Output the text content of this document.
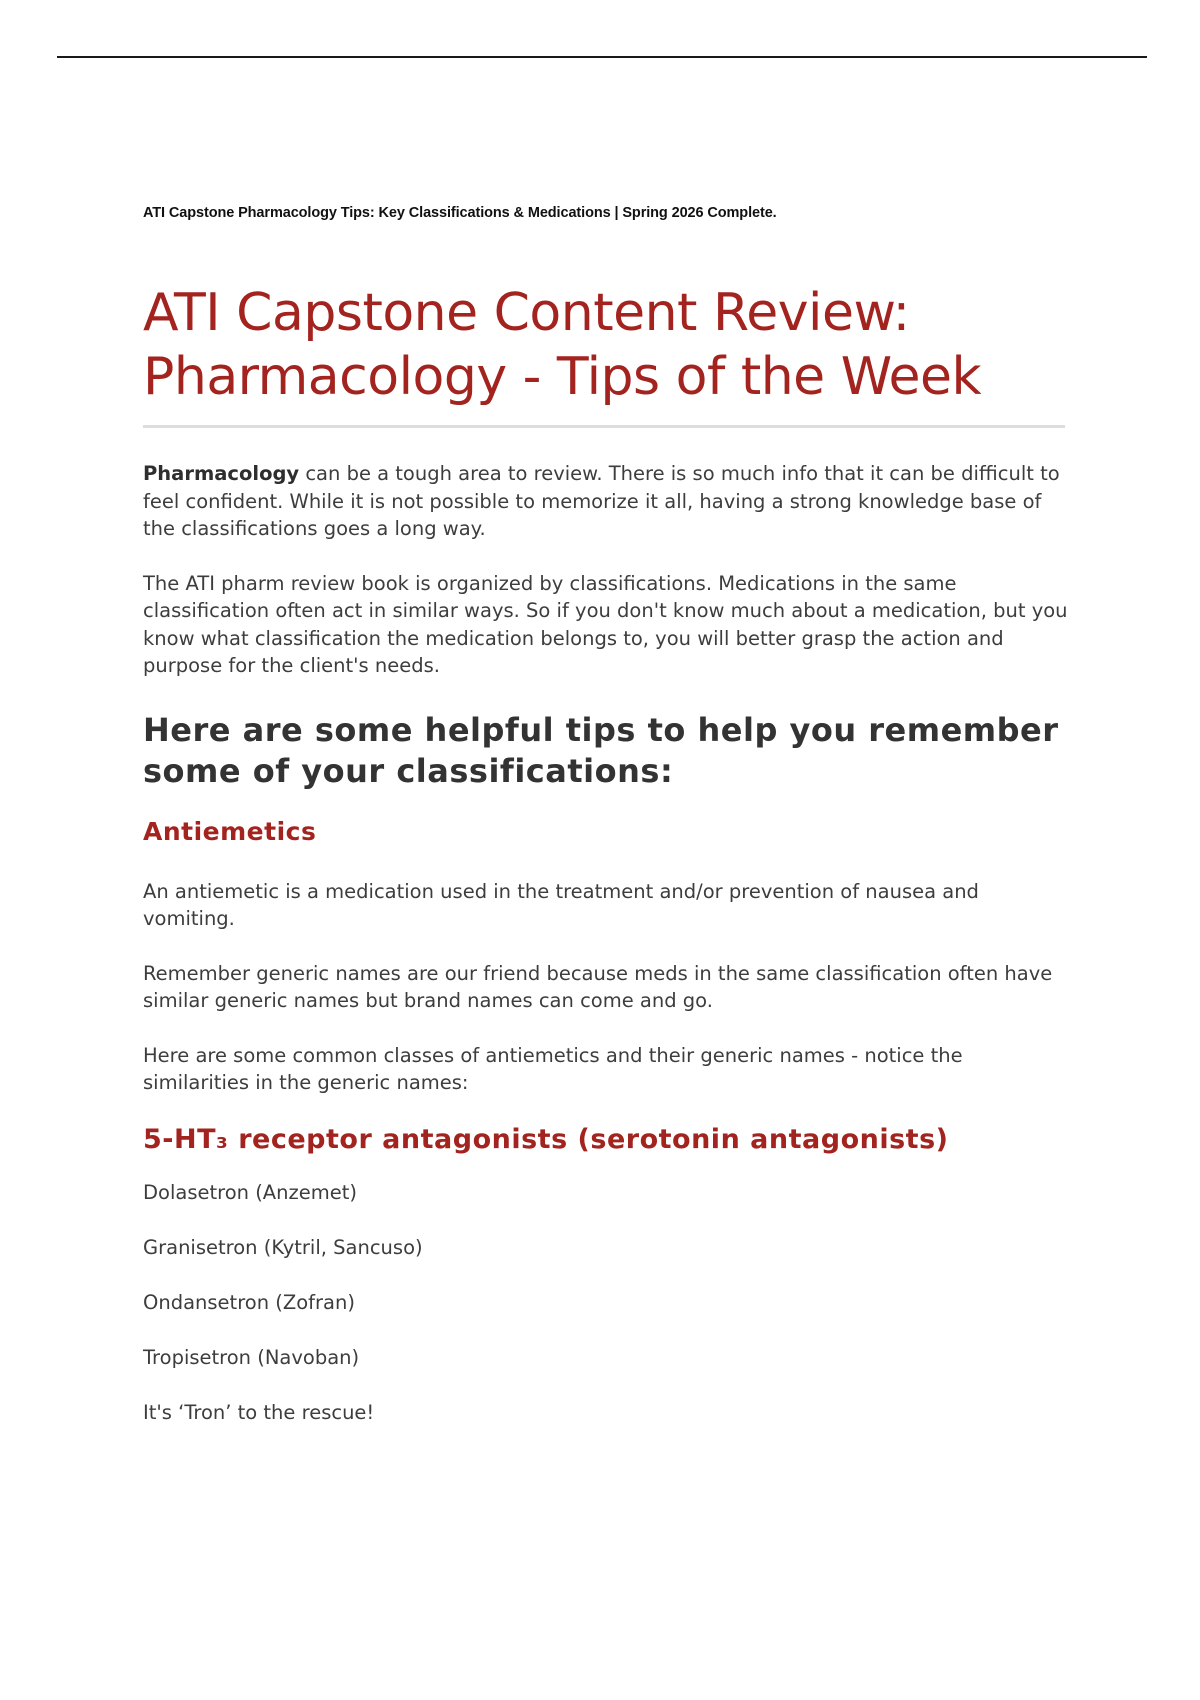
ATI Capstone Pharmacology Tips: Key Classifications & Medications | Spring 2026 Complete.

ATI Capstone Content Review: Pharmacology - Tips of the Week

Pharmacology can be a tough area to review. There is so much info that it can be difficult to feel confident. While it is not possible to memorize it all, having a strong knowledge base of the classifications goes a long way.

The ATI pharm review book is organized by classifications. Medications in the same classification often act in similar ways. So if you don't know much about a medication, but you know what classification the medication belongs to, you will better grasp the action and purpose for the client's needs.

Here are some helpful tips to help you remember some of your classifications:
Antiemetics

An antiemetic is a medication used in the treatment and/or prevention of nausea and vomiting.

Remember generic names are our friend because meds in the same classification often have similar generic names but brand names can come and go.

Here are some common classes of antiemetics and their generic names - notice the similarities in the generic names:

5-HT₃ receptor antagonists (serotonin antagonists)
Dolasetron (Anzemet)
Granisetron (Kytril, Sancuso)
Ondansetron (Zofran)
Tropisetron (Navoban)

It's ‘Tron’ to the rescue!
